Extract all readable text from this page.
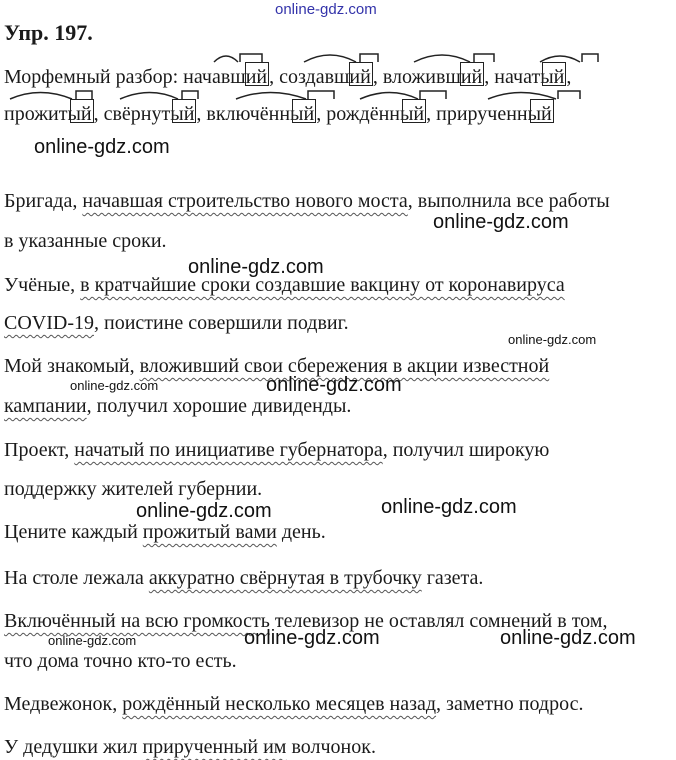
online-gdz.com
Упр. 197.
Морфемный разбор: начавший , создавший , вложивший , начатый ,
прожитый , свёрнутый , включённый , рождённый , прирученный
online-gdz.com
Бригада, начавшая строительство нового моста, выполнила все работы
online-gdz.com
в указанные сроки.
online-gdz.com
Учёные, в кратчайшие сроки создавшие вакцину от коронавируса
COVID-19, поистине совершили подвиг.
online-gdz.com
Мой знакомый, вложивший свои сбережения в акции известной
online-gdz.com	online-gdz.com
кампании, получил хорошие дивиденды.
Проект, начатый по инициативе губернатора, получил широкую
поддержку жителей губернии.
online-gdz.com
online-gdz.com
Цените каждый прожитый вами день.
На столе лежала аккуратно свёрнутая в трубочку газета.
Включённый на всю громкость телевизор не оставлял сомнений в том,
online-gdz.com	online-gdz.com	online-gdz.com
что дома точно кто-то есть.
Медвежонок, рождённый несколько месяцев назад, заметно подрос.
У дедушки жил прирученный им волчонок.
